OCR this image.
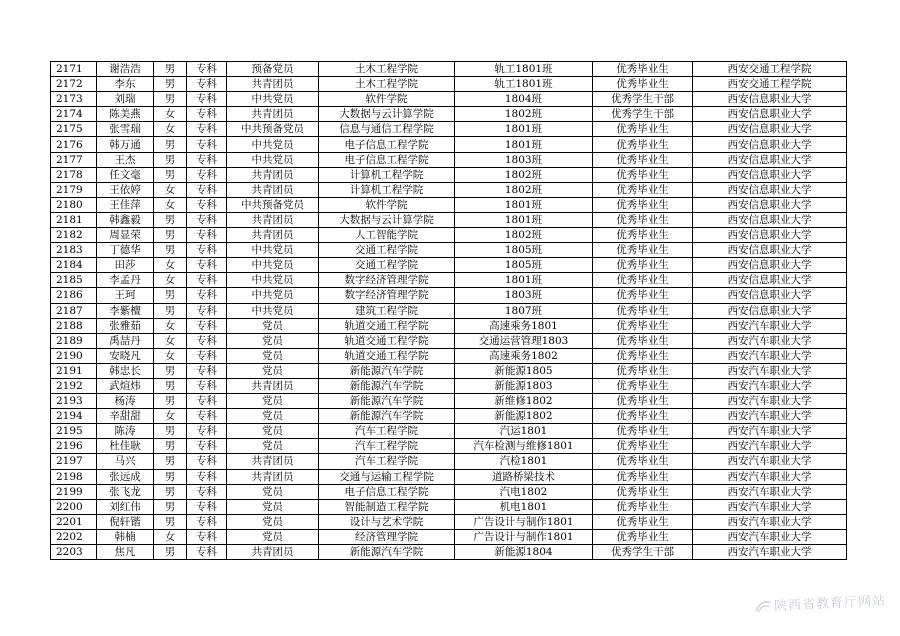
2171	谢浩浩	男	专科	预备党员	土木工程学院	轨工1801班	优秀毕业生	西安交通工程学院
2172	李东	男	专科	共青团员	土木工程学院	轨工1801班	优秀毕业生	西安交通工程学院
2173	刘瑞	男	专科	中共党员	软件学院	1804班	优秀学生干部	西安信息职业大学
2174	陈美燕	女	专科	共青团员	大数据与云计算学院	1802班	优秀学生干部	西安信息职业大学
2175	张雪瑞	女	专科	中共预备党员	信息与通信工程学院	1801班	优秀毕业生	西安信息职业大学
2176	韩万通	男	专科	中共党员	电子信息工程学院	1801班	优秀毕业生	西安信息职业大学
2177	王杰	男	专科	中共党员	电子信息工程学院	1803班	优秀毕业生	西安信息职业大学
2178	任文毫	男	专科	共青团员	计算机工程学院	1802班	优秀毕业生	西安信息职业大学
2179	王依婷	女	专科	共青团员	计算机工程学院	1802班	优秀毕业生	西安信息职业大学
2180	王佳萍	女	专科	中共预备党员	软件学院	1801班	优秀毕业生	西安信息职业大学
2181	韩鑫毅	男	专科	共青团员	大数据与云计算学院	1801班	优秀毕业生	西安信息职业大学
2182	周显荣	男	专科	共青团员	人工智能学院	1802班	优秀毕业生	西安信息职业大学
2183	丁德华	男	专科	中共党员	交通工程学院	1805班	优秀毕业生	西安信息职业大学
2184	田莎	女	专科	中共党员	交通工程学院	1805班	优秀毕业生	西安信息职业大学
2185	李孟丹	女	专科	中共党员	数字经济管理学院	1801班	优秀毕业生	西安信息职业大学
2186	王珂	男	专科	中共党员	数字经济管理学院	1803班	优秀毕业生	西安信息职业大学
2187	李紫檀	男	专科	中共党员	建筑工程学院	1807班	优秀毕业生	西安信息职业大学
2188	张雅茹	女	专科	党员	轨道交通工程学院	高速乘务1801	优秀毕业生	西安汽车职业大学
2189	禹喆丹	女	专科	党员	轨道交通工程学院	交通运营管理1803	优秀毕业生	西安汽车职业大学
2190	安晓凡	女	专科	党员	轨道交通工程学院	高速乘务1802	优秀毕业生	西安汽车职业大学
2191	韩忠长	男	专科	党员	新能源汽车学院	新能源1805	优秀毕业生	西安汽车职业大学
2192	武煊炜	男	专科	共青团员	新能源汽车学院	新能源1803	优秀毕业生	西安汽车职业大学
2193	杨涛	男	专科	党员	新能源汽车学院	新维修1802	优秀毕业生	西安汽车职业大学
2194	辛甜甜	女	专科	党员	新能源汽车学院	新能源1802	优秀毕业生	西安汽车职业大学
2195	陈涛	男	专科	党员	汽车工程学院	汽运1801	优秀毕业生	西安汽车职业大学
2196	杜佳耿	男	专科	党员	汽车工程学院	汽车检测与维修1801	优秀毕业生	西安汽车职业大学
2197	马兴	男	专科	共青团员	汽车工程学院	汽检1801	优秀毕业生	西安汽车职业大学
2198	张远成	男	专科	共青团员	交通与运输工程学院	道路桥梁技术	优秀毕业生	西安汽车职业大学
2199	张飞龙	男	专科	党员	电子信息工程学院	汽电1802	优秀毕业生	西安汽车职业大学
2200	刘红伟	男	专科	党员	智能制造工程学院	机电1801	优秀毕业生	西安汽车职业大学
2201	倪轩锴	男	专科	党员	设计与艺术学院	广告设计与制作1801	优秀毕业生	西安汽车职业大学
2202	韩楠	女	专科	党员	经济管理学院	广告设计与制作1801	优秀毕业生	西安汽车职业大学
2203	焦凡	男	专科	共青团员	新能源汽车学院	新能源1804	优秀学生干部	西安汽车职业大学
陕西省教育厅网站
